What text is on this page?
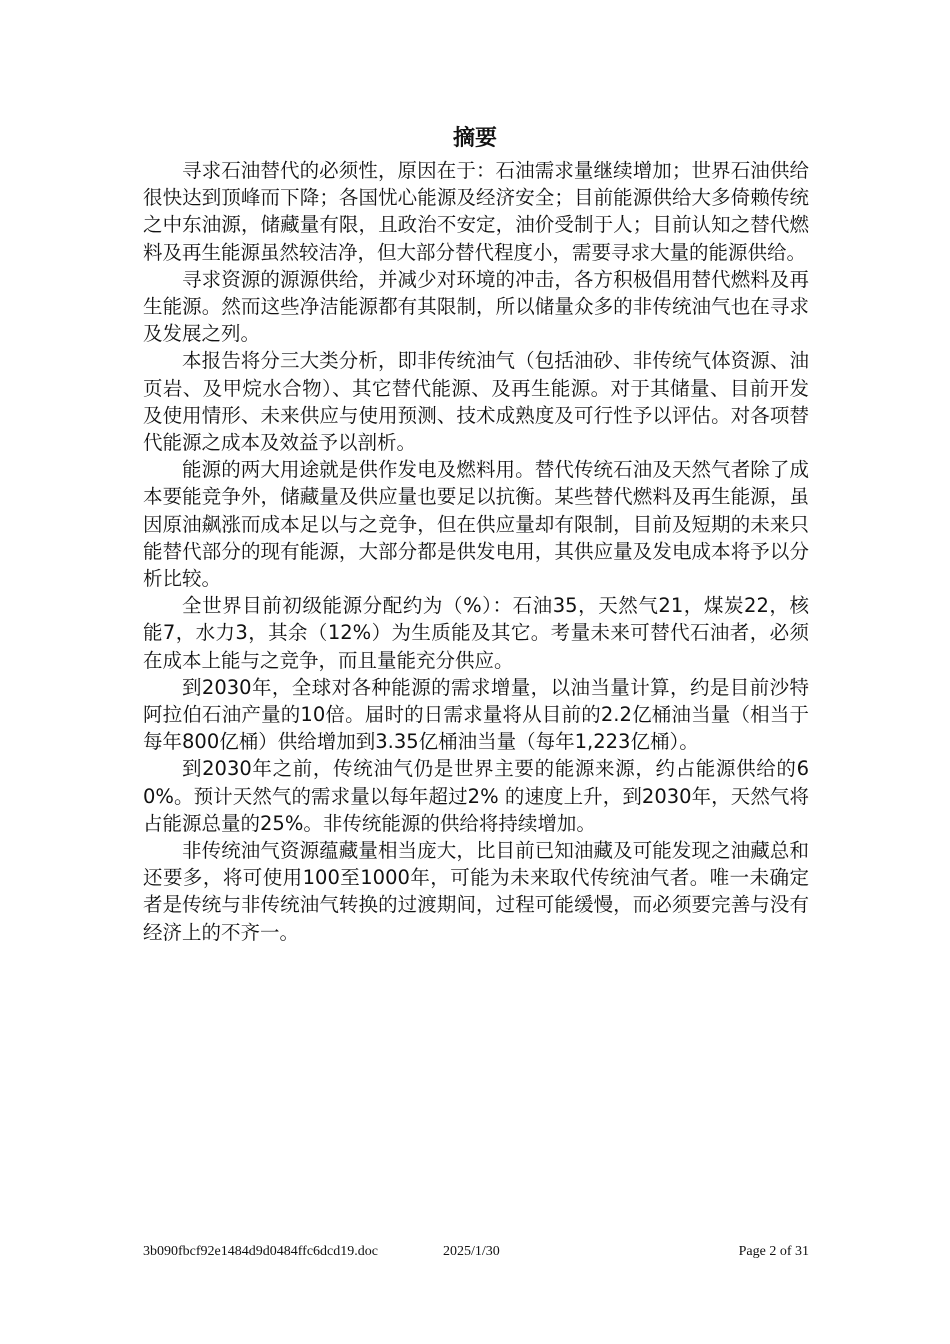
摘要

寻求石油替代的必须性，原因在于：石油需求量继续增加；世界石油供给很快达到顶峰而下降；各国忧心能源及经济安全；目前能源供给大多倚赖传统之中东油源，储藏量有限，且政治不安定，油价受制于人；目前认知之替代燃料及再生能源虽然较洁净，但大部分替代程度小，需要寻求大量的能源供给。

寻求资源的源源供给，并减少对环境的冲击，各方积极倡用替代燃料及再生能源。然而这些净洁能源都有其限制，所以储量众多的非传统油气也在寻求及发展之列。

本报告将分三大类分析，即非传统油气（包括油砂、非传统气体资源、油页岩、及甲烷水合物）、其它替代能源、及再生能源。对于其储量、目前开发及使用情形、未来供应与使用预测、技术成熟度及可行性予以评估。对各项替代能源之成本及效益予以剖析。

能源的两大用途就是供作发电及燃料用。替代传统石油及天然气者除了成本要能竞争外，储藏量及供应量也要足以抗衡。某些替代燃料及再生能源，虽因原油飙涨而成本足以与之竞争，但在供应量却有限制，目前及短期的未来只能替代部分的现有能源，大部分都是供发电用，其供应量及发电成本将予以分析比较。

全世界目前初级能源分配约为（%）：石油35，天然气21，煤炭22，核能7，水力3，其余（12%）为生质能及其它。考量未来可替代石油者，必须在成本上能与之竞争，而且量能充分供应。

到2030年，全球对各种能源的需求增量，以油当量计算，约是目前沙特阿拉伯石油产量的10倍。届时的日需求量将从目前的2.2亿桶油当量（相当于每年800亿桶）供给增加到3.35亿桶油当量（每年1,223亿桶）。

到2030年之前，传统油气仍是世界主要的能源来源，约占能源供给的60%。预计天然气的需求量以每年超过2% 的速度上升，到2030年，天然气将占能源总量的25%。非传统能源的供给将持续增加。

非传统油气资源蕴藏量相当庞大，比目前已知油藏及可能发现之油藏总和还要多，将可使用100至1000年，可能为未来取代传统油气者。唯一未确定者是传统与非传统油气转换的过渡期间，过程可能缓慢，而必须要完善与没有经济上的不齐一。

3b090fbcf92e1484d9d0484ffc6dcd19.doc	2025/1/30	Page 2 of 31
